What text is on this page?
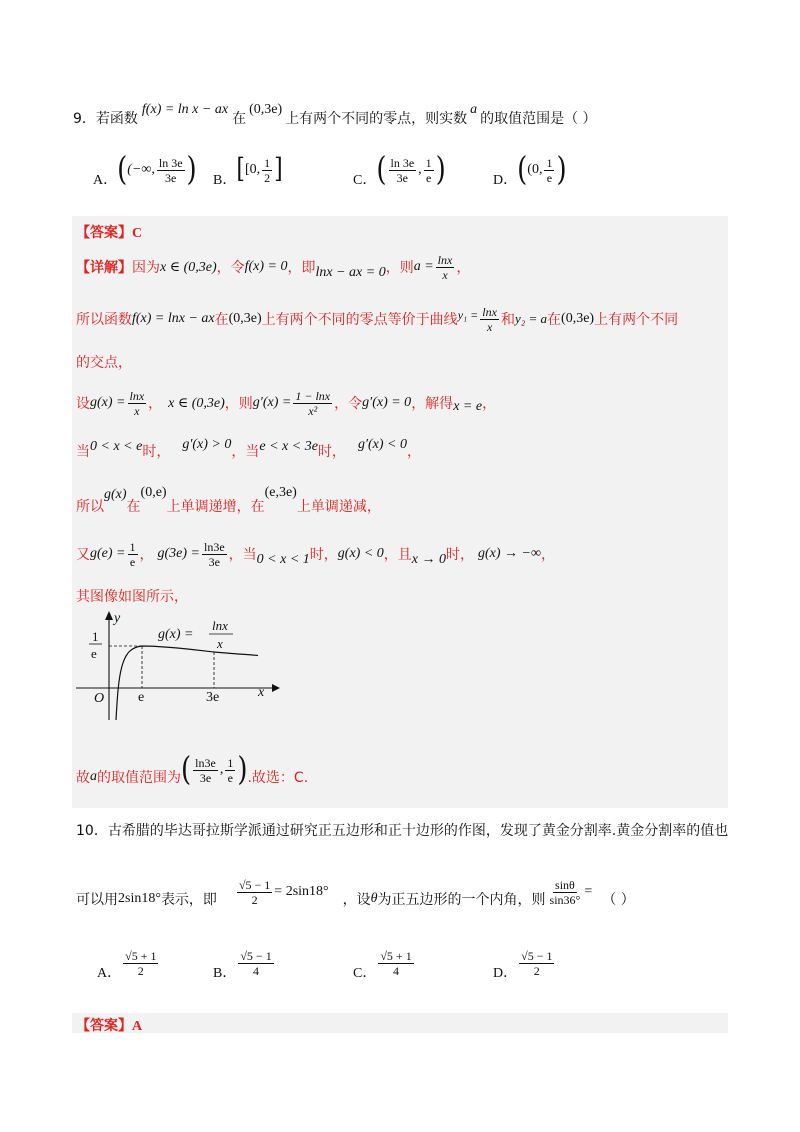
9． 若函数
f(x) = ln x − ax
在
(0,3e)
上有两个不同的零点，则实数
a
的取值范围是（ ）
A． ( (−∞, $\frac{\ln 3e}{3e}$ ) B． [ [0, $\frac{1}{2}$ ]	C． ( $\frac{\ln 3e}{3e}$ , $\frac{1}{e}$ )	D． ( (0, $\frac{1}{e}$ )
【答案】C
【详解】 因为 x ∈ (0,3e) ，令 f(x) = 0 ，即 lnx − ax = 0 ，则 $a = \frac{\ln x}{x}$ ，
所以函数 f(x) = lnx − ax 在 (0,3e) 上有两个不同的零点等价于曲线 $y_1 = \frac{\ln x}{x}$ 和 y₂ = a 在 (0,3e) 上有两个不同
的交点，
设 $g(x) = \frac{\ln x}{x}$ ， x ∈ (0,3e) ，则 $g'(x) = \frac{1 - \ln x}{\text{x²}}$ ，令 g′(x) = 0 ，解得 x = e ，
当 0 < x < e 时， g′(x) > 0 ，当 e < x < 3e 时， g′(x) < 0 ，
所以
g(x)
在
(0,e)
上单调递增，在
(e,3e)
上单调递减，
又 $g(e) = \frac{1}{e}$ ， $g(3e) = \frac{\ln 3e}{3e}$ ，当 0 < x < 1 时， g(x) < 0 ，且 x → 0 时， g(x) → −∞ ，
其图像如图所示，
y
x
O e	3e
1
e
g(x) =
lnx
x
故 a 的取值范围为 ( $\frac{\ln 3e}{3e}$ , $\frac{1}{e}$ ) .故选：C.
10．古希腊的毕达哥拉斯学派通过研究正五边形和正十边形的作图，发现了黄金分割率.黄金分割率的值也
可以用 2sin18° 表示，即 $\frac{√5 - 1}{2} = 2\sin 18^\circ$
，设 θ 为正五边形的一个内角，则 $\frac{\sin\theta}{\sin 36^\circ}$ =
（ ）
A． $\frac{√5 + 1}{2}$	B． $\frac{√5 - 1}{4}$	C． $\frac{√5 + 1}{4}$	D． $\frac{√5 - 1}{2}$
【答案】A
